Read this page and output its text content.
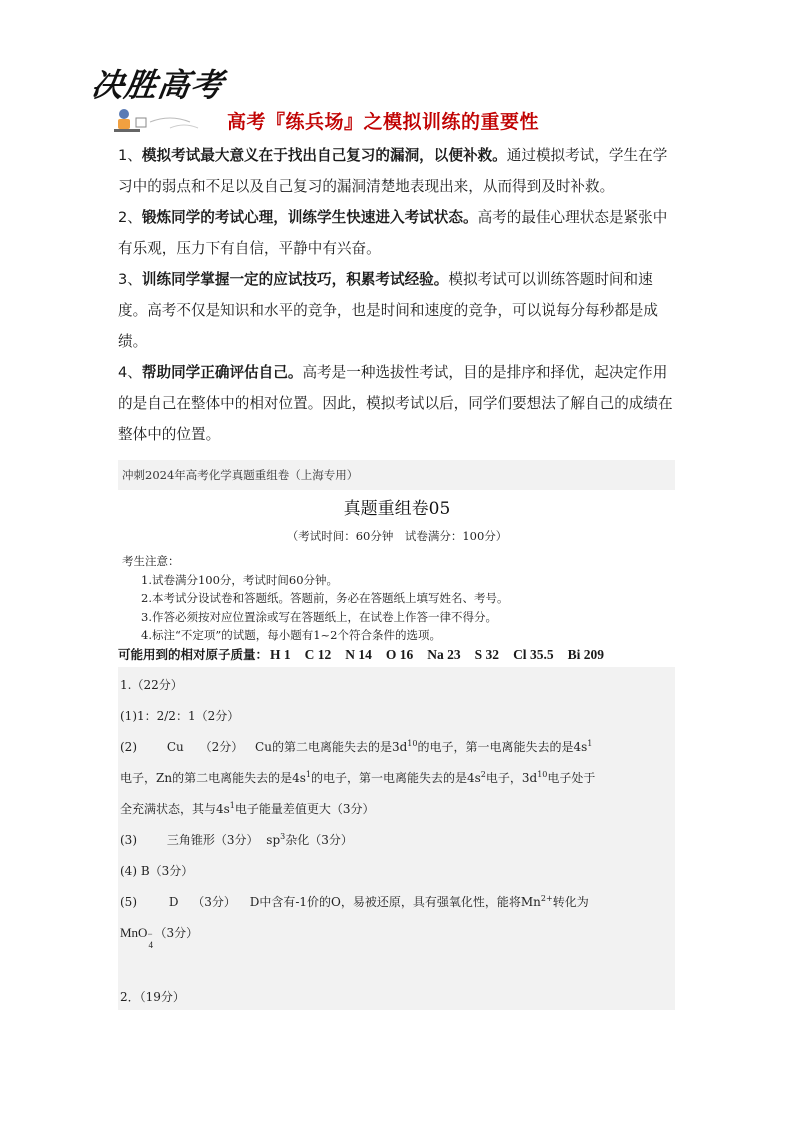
决胜高考
高考『练兵场』之模拟训练的重要性

1、模拟考试最大意义在于找出自己复习的漏洞，以便补救。通过模拟考试，学生在学习中的弱点和不足以及自己复习的漏洞清楚地表现出来，从而得到及时补救。

2、锻炼同学的考试心理，训练学生快速进入考试状态。高考的最佳心理状态是紧张中有乐观，压力下有自信，平静中有兴奋。

3、训练同学掌握一定的应试技巧，积累考试经验。模拟考试可以训练答题时间和速度。高考不仅是知识和水平的竞争，也是时间和速度的竞争，可以说每分每秒都是成绩。

4、帮助同学正确评估自己。高考是一种选拔性考试，目的是排序和择优，起决定作用的是自己在整体中的相对位置。因此，模拟考试以后，同学们要想法了解自己的成绩在整体中的位置。

冲刺2024年高考化学真题重组卷（上海专用）
真题重组卷05
（考试时间：60分钟　试卷满分：100分）
考生注意：
1.试卷满分100分，考试时间60分钟。
2.本考试分设试卷和答题纸。答题前，务必在答题纸上填写姓名、考号。
3.作答必须按对应位置涂或写在答题纸上，在试卷上作答一律不得分。
4.标注“不定项”的试题，每小题有1~2个符合条件的选项。
可能用到的相对原子质量： H 1 C 12 N 14 O 16 Na 23 S 32 Cl 35.5 Bi 209
1.（22分）
(1)1：2/2：1（2分）
(2) Cu （2分） Cu的第二电离能失去的是$3d^{10}$的电子，第一电离能失去的是$4s^1$
电子，Zn的第二电离能失去的是$4s^1$的电子，第一电离能失去的是$4s^2$电子，$3d^{10}$电子处于
全充满状态，其与$4s^1$电子能量差值更大（3分）
(3) 三角锥形（3分） $sp^3$杂化（3分）
(4) B（3分）
(5)	D （3分） D中含有-1价的O，易被还原，具有强氧化性，能将$Mn^{2+}$转化为
MnO −
4
（3分）
2．（19分）
